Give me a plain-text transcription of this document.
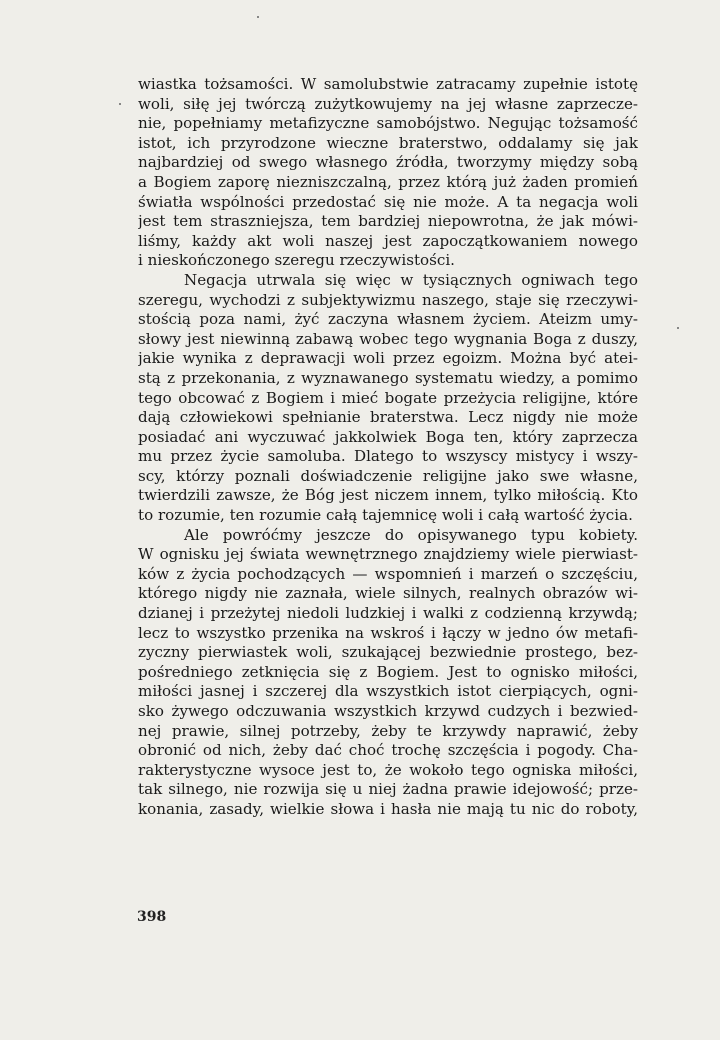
wiastka tożsamości. W samolubstwie zatracamy zupełnie istotę
woli, siłę jej twórczą zużytkowujemy na jej własne zaprzecze-
nie, popełniamy metafizyczne samobójstwo. Negując tożsamość
istot, ich przyrodzone wieczne braterstwo, oddalamy się jak
najbardziej od swego własnego źródła, tworzymy między sobą
a Bogiem zaporę niezniszczalną, przez którą już żaden promień
światła wspólności przedostać się nie może. A ta negacja woli
jest tem straszniejsza, tem bardziej niepowrotna, że jak mówi-
liśmy, każdy akt woli naszej jest zapoczątkowaniem nowego
i nieskończonego szeregu rzeczywistości.
Negacja utrwala się więc w tysiącznych ogniwach tego
szeregu, wychodzi z subjektywizmu naszego, staje się rzeczywi-
stością poza nami, żyć zaczyna własnem życiem. Ateizm umy-
słowy jest niewinną zabawą wobec tego wygnania Boga z duszy,
jakie wynika z deprawacji woli przez egoizm. Można być atei-
stą z przekonania, z wyznawanego systematu wiedzy, a pomimo
tego obcować z Bogiem i mieć bogate przeżycia religijne, które
dają człowiekowi spełnianie braterstwa. Lecz nigdy nie może
posiadać ani wyczuwać jakkolwiek Boga ten, który zaprzecza
mu przez życie samoluba. Dlatego to wszyscy mistycy i wszy-
scy, którzy poznali doświadczenie religijne jako swe własne,
twierdzili zawsze, że Bóg jest niczem innem, tylko miłością. Kto
to rozumie, ten rozumie całą tajemnicę woli i całą wartość życia.
Ale powróćmy jeszcze do opisywanego typu kobiety.
W ognisku jej świata wewnętrznego znajdziemy wiele pierwiast-
ków z życia pochodzących — wspomnień i marzeń o szczęściu,
którego nigdy nie zaznała, wiele silnych, realnych obrazów wi-
dzianej i przeżytej niedoli ludzkiej i walki z codzienną krzywdą;
lecz to wszystko przenika na wskroś i łączy w jedno ów metafi-
zyczny pierwiastek woli, szukającej bezwiednie prostego, bez-
pośredniego zetknięcia się z Bogiem. Jest to ognisko miłości,
miłości jasnej i szczerej dla wszystkich istot cierpiących, ogni-
sko żywego odczuwania wszystkich krzywd cudzych i bezwied-
nej prawie, silnej potrzeby, żeby te krzywdy naprawić, żeby
obronić od nich, żeby dać choć trochę szczęścia i pogody. Cha-
rakterystyczne wysoce jest to, że wokoło tego ogniska miłości,
tak silnego, nie rozwija się u niej żadna prawie idejowość; prze-
konania, zasady, wielkie słowa i hasła nie mają tu nic do roboty,
398
